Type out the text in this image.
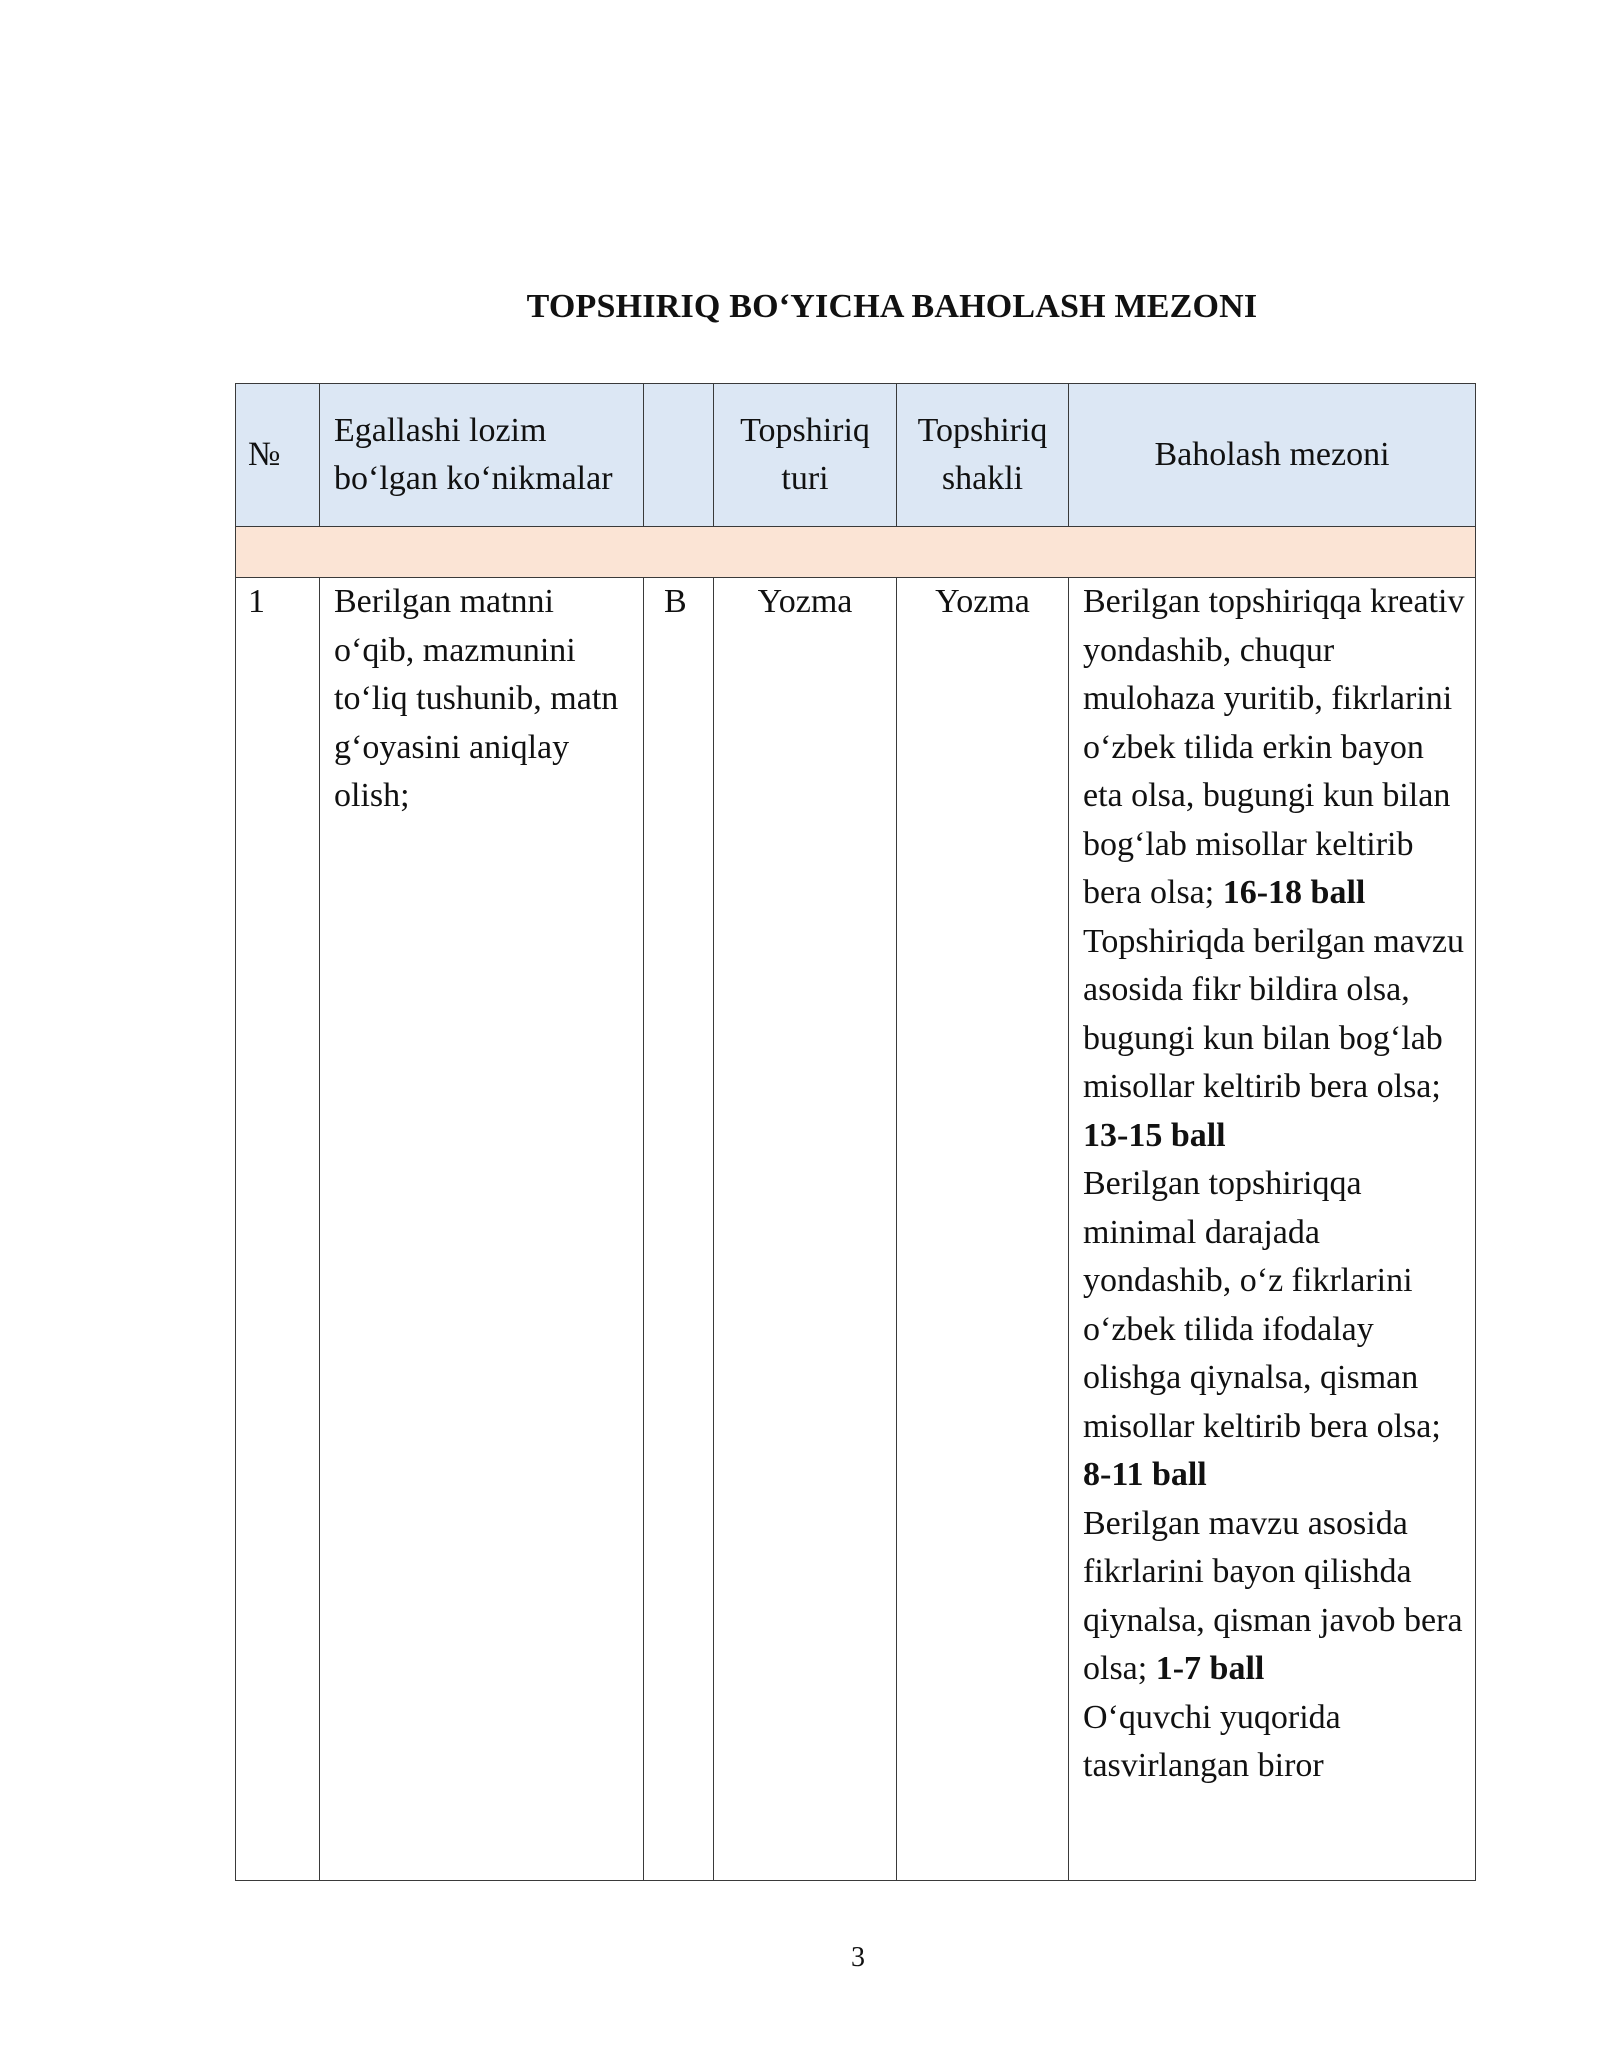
TOPSHIRIQ BO‘YICHA BAHOLASH MEZONI
№	Egallashi lozim bo‘lgan ko‘nikmalar		Topshiriq turi	Topshiriq shakli	Baholash mezoni

1	Berilgan matnni o‘qib, mazmunini to‘liq tushunib, matn g‘oyasini aniqlay olish;	B	Yozma	Yozma	Berilgan topshiriqqa kreativ yondashib, chuqur mulohaza yuritib, fikrlarini o‘zbek tilida erkin bayon eta olsa, bugungi kun bilan bog‘lab misollar keltirib bera olsa; 16-18 ball
Topshiriqda berilgan mavzu asosida fikr bildira olsa, bugungi kun bilan bog‘lab misollar keltirib bera olsa; 13-15 ball
Berilgan topshiriqqa minimal darajada yondashib, o‘z fikrlarini o‘zbek tilida ifodalay olishga qiynalsa, qisman misollar keltirib bera olsa; 8-11 ball
Berilgan mavzu asosida fikrlarini bayon qilishda qiynalsa, qisman javob bera olsa; 1-7 ball
O‘quvchi yuqorida tasvirlangan biror
3
